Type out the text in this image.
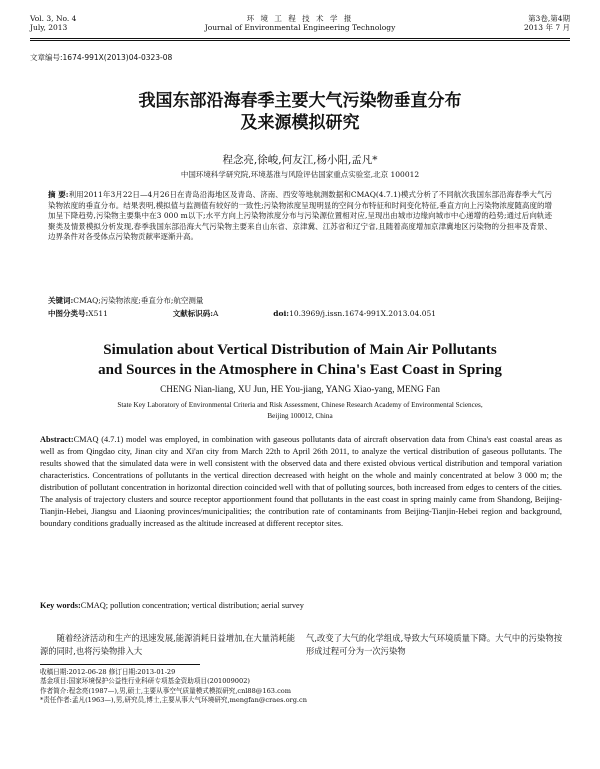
Vol. 3, No. 4
July, 2013
环 境 工 程 技 术 学 报
Journal of Environmental Engineering Technology
第3卷,第4期
2013 年 7 月
文章编号:1674-991X(2013)04-0323-08
我国东部沿海春季主要大气污染物垂直分布
及来源模拟研究
程念亮,徐峻,何友江,杨小阳,孟凡*
中国环境科学研究院,环境基准与风险评估国家重点实验室,北京 100012
摘 要:利用2011年3月22日—4月26日在青岛沿海地区及青岛、济南、西安等地航测数据和CMAQ(4.7.1)模式分析了不同航次我国东部沿海春季大气污染物浓度的垂直分布。结果表明,模拟值与监测值有较好的一致性;污染物浓度呈现明显的空间分布特征和时间变化特征,垂直方向上污染物浓度随高度的增加呈下降趋势,污染物主要集中在3 000 m以下;水平方向上污染物浓度分布与污染源位置相对应,呈现出由城市边缘向城市中心递增的趋势;通过后向轨迹聚类及情景模拟分析发现,春季我国东部沿海大气污染物主要来自山东省、京津冀、江苏省和辽宁省,且随着高度增加京津冀地区污染物的分担率及背景、边界条件对各受体点污染物贡献率逐渐升高。
关键词:CMAQ;污染物浓度;垂直分布;航空测量
中图分类号:X511	文献标识码:A	doi:10.3969/j.issn.1674-991X.2013.04.051
Simulation about Vertical Distribution of Main Air Pollutants
and Sources in the Atmosphere in China's East Coast in Spring
CHENG Nian-liang, XU Jun, HE You-jiang, YANG Xiao-yang, MENG Fan
State Key Laboratory of Environmental Criteria and Risk Assessment, Chinese Research Academy of Environmental Sciences,
Beijing 100012, China
Abstract:CMAQ (4.7.1) model was employed, in combination with gaseous pollutants data of aircraft observation data from China's east coastal areas as well as from Qingdao city, Jinan city and Xi'an city from March 22th to April 26th 2011, to analyze the vertical distribution of gaseous pollutants. The results showed that the simulated data were in well consistent with the observed data and there existed obvious vertical distribution and temporal variation characteristics. Concentrations of pollutants in the vertical direction decreased with height on the whole and mainly concentrated at below 3 000 m; the distribution of pollutant concentration in horizontal direction coincided well with that of polluting sources, both increased from edges to centers of the cities. The analysis of trajectory clusters and source receptor apportionment found that pollutants in the east coast in spring mainly came from Shandong, Beijing-Tianjin-Hebei, Jiangsu and Liaoning provinces/municipalities; the contribution rate of contaminants from Beijing-Tianjin-Hebei region and background, boundary conditions gradually increased as the altitude increased at different receptor sites.
Key words:CMAQ; pollution concentration; vertical distribution; aerial survey
随着经济活动和生产的迅速发展,能源消耗日益增加,在大量消耗能源的同时,也将污染物排入大
气,改变了大气的化学组成,导致大气环境质量下降。大气中的污染物按形成过程可分为一次污染物
收稿日期:2012-06-28 修订日期:2013-01-29
基金项目:国家环境保护公益性行业科研专项基金资助项目(201009002)
作者简介:程念亮(1987—),男,硕士,主要从事空气质量模式模拟研究,cnl88@163.com
*责任作者:孟凡(1963—),男,研究员,博士,主要从事大气环境研究,mengfan@craes.org.cn
